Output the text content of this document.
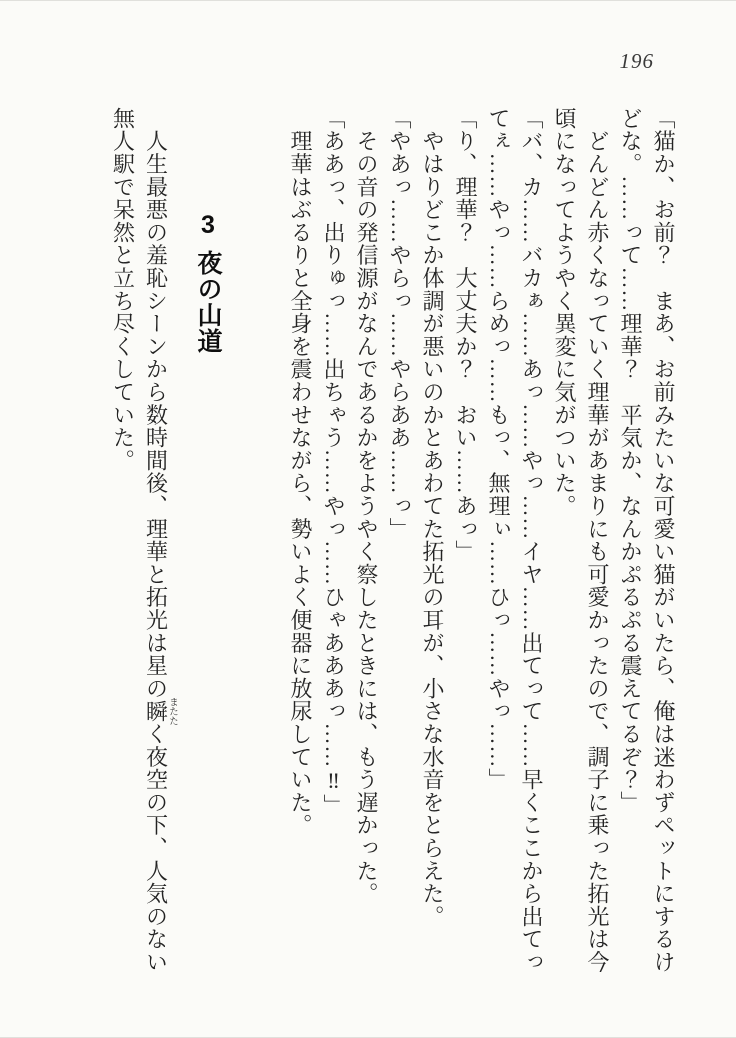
196

「猫か、お前？　まあ、お前みたいな可愛い猫がいたら、俺は迷わずペットにするけ

どな。……って……理華？　平気か、なんかぷるぷる震えてるぞ？」

　どんどん赤くなっていく理華があまりにも可愛かったので、調子に乗った拓光は今

頃になってようやく異変に気がついた。

「バ、カ……バカぁ……あっ……やっ……イヤ……出てって……早くここから出てっ

てぇ……やっ……らめっ……もっ、無理ぃ……ひっ……やっ……」

「り、理華？　大丈夫か？　おい……あっ」

　やはりどこか体調が悪いのかとあわてた拓光の耳が、小さな水音をとらえた。

「やあっ……やらっ……やらああ……っ」

　その音の発信源がなんであるかをようやく察したときには、もう遅かった。

「ああっ、出りゅっ……出ちゃう……やっ……ひゃあああっ……‼」

　理華はぶるりと全身を震わせながら、勢いよく便器に放尿していた。

3夜の山道

　人生最悪の羞恥シーンから数時間後、理華と拓光は星の瞬またたく夜空の下、人気のない

無人駅で呆然と立ち尽くしていた。
